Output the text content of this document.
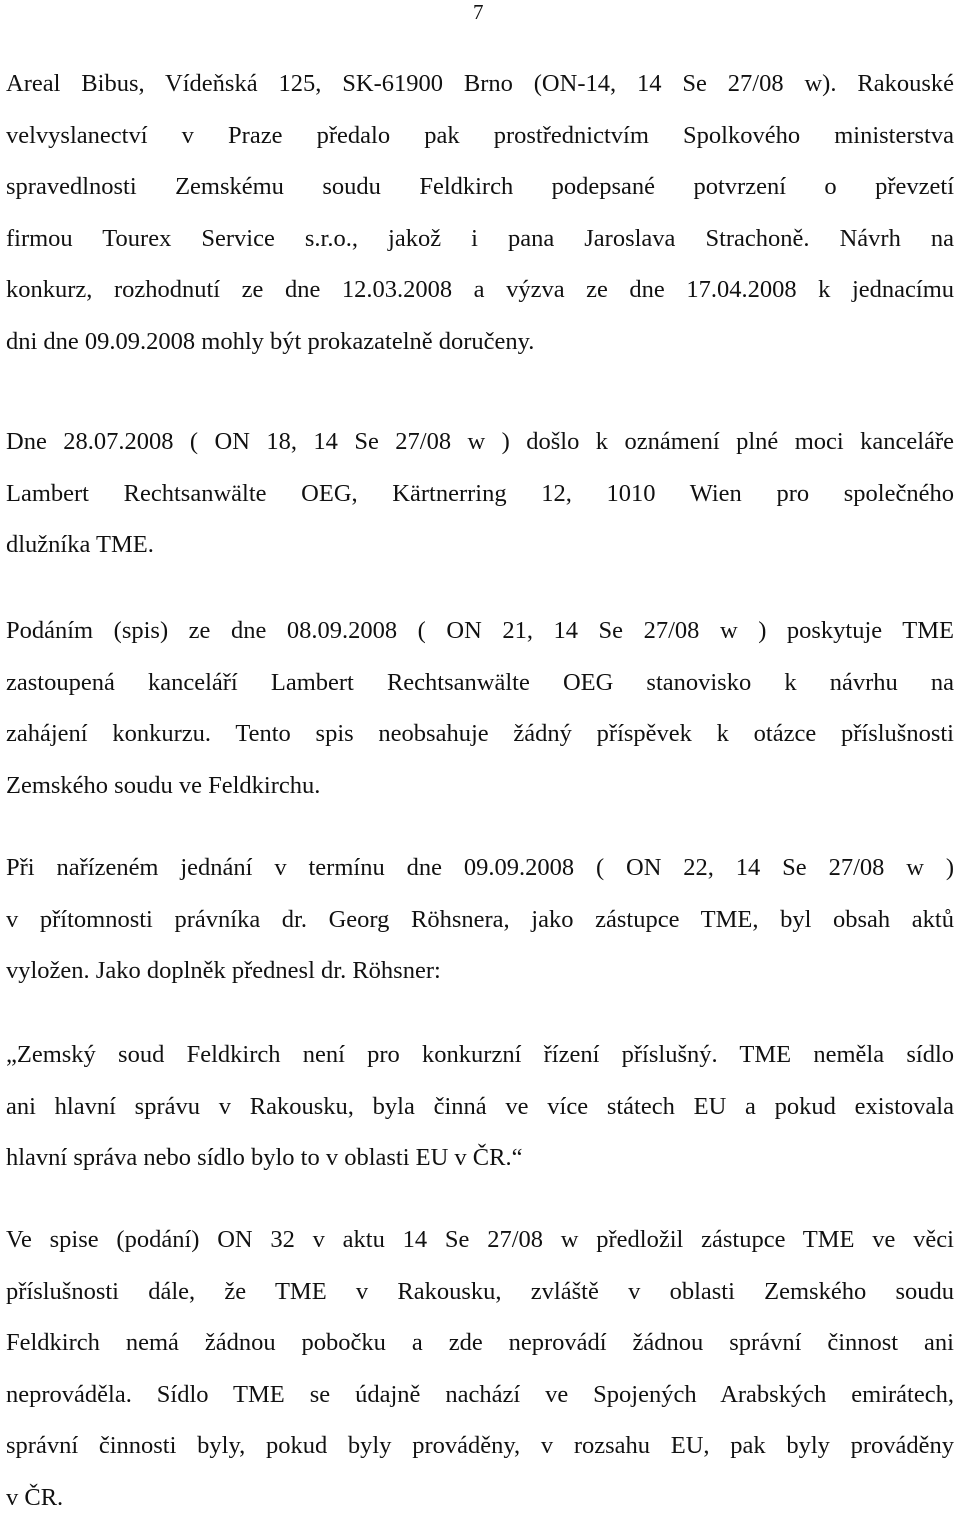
7
Areal Bibus, Vídeňská 125, SK-61900 Brno (ON-14, 14 Se 27/08 w). Rakouské
velvyslanectví v Praze předalo pak prostřednictvím Spolkového ministerstva
spravedlnosti Zemskému soudu Feldkirch podepsané potvrzení o převzetí
firmou Tourex Service s.r.o., jakož i pana Jaroslava Strachoně. Návrh na
konkurz, rozhodnutí ze dne 12.03.2008 a výzva ze dne 17.04.2008 k jednacímu
dni dne 09.09.2008 mohly být prokazatelně doručeny.
Dne 28.07.2008 ( ON 18, 14 Se 27/08 w ) došlo k oznámení plné moci kanceláře
Lambert Rechtsanwälte OEG, Kärtnerring 12, 1010 Wien pro společného
dlužníka TME.
Podáním (spis) ze dne 08.09.2008 ( ON 21, 14 Se 27/08 w ) poskytuje TME
zastoupená kanceláří Lambert Rechtsanwälte OEG stanovisko k návrhu na
zahájení konkurzu. Tento spis neobsahuje žádný příspěvek k otázce příslušnosti
Zemského soudu ve Feldkirchu.
Při nařízeném jednání v termínu dne 09.09.2008 ( ON 22, 14 Se 27/08 w )
v přítomnosti právníka dr. Georg Röhsnera, jako zástupce TME, byl obsah aktů
vyložen. Jako doplněk přednesl dr. Röhsner:
„Zemský soud Feldkirch není pro konkurzní řízení příslušný. TME neměla sídlo
ani hlavní správu v Rakousku, byla činná ve více státech EU a pokud existovala
hlavní správa nebo sídlo bylo to v oblasti EU v ČR.“
Ve spise (podání) ON 32 v aktu 14 Se 27/08 w předložil zástupce TME ve věci
příslušnosti dále, že TME v Rakousku, zvláště v oblasti Zemského soudu
Feldkirch nemá žádnou pobočku a zde neprovádí žádnou správní činnost ani
neprováděla. Sídlo TME se údajně nachází ve Spojených Arabských emirátech,
správní činnosti byly, pokud byly prováděny, v rozsahu EU, pak byly prováděny
v ČR.
